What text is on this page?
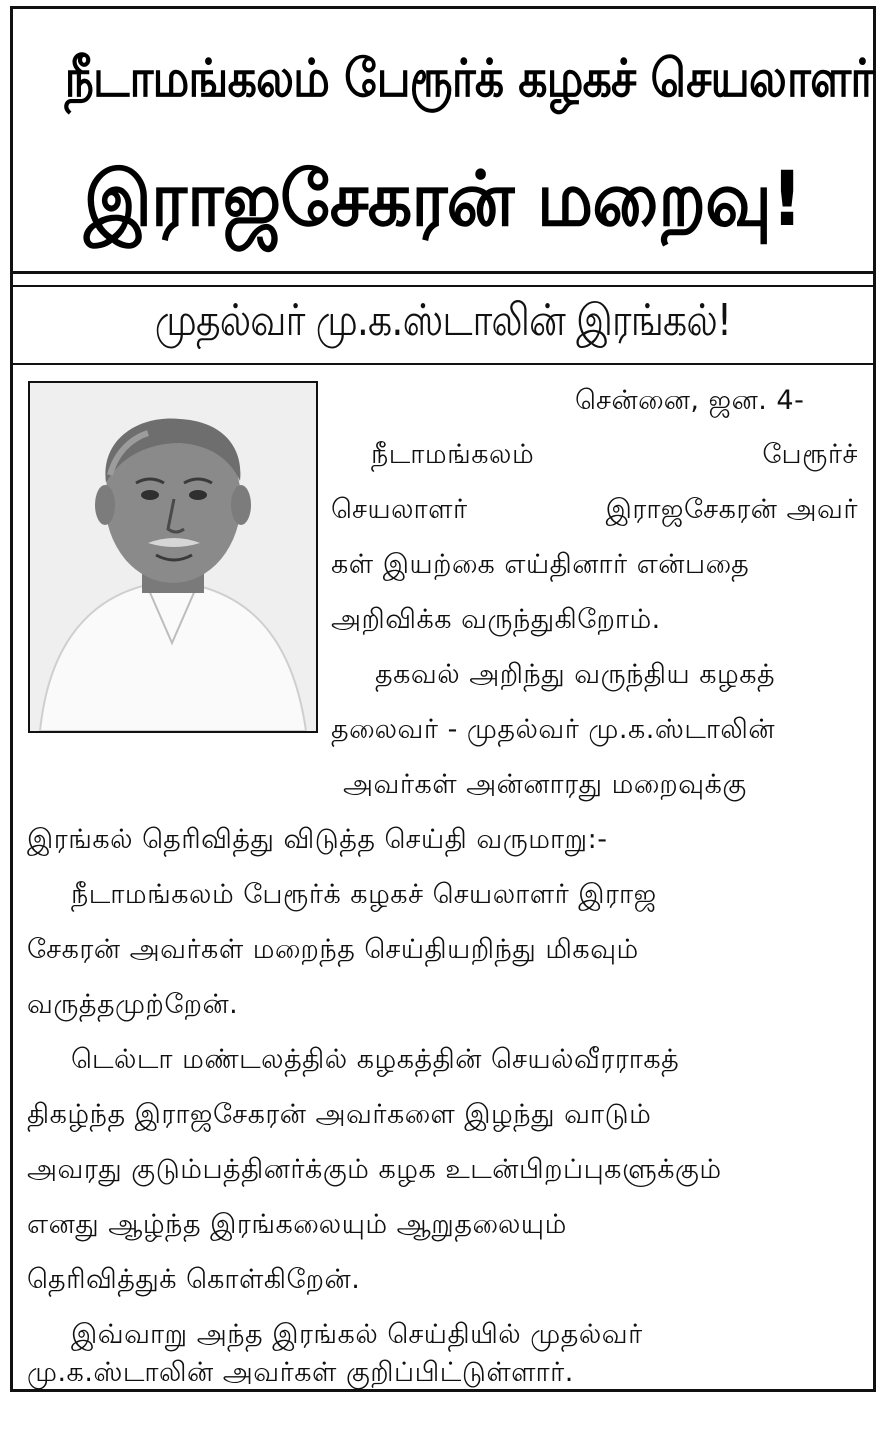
நீடாமங்கலம் பேரூர்க் கழகச் செயலாளர்
இராஜசேகரன் மறைவு!
முதல்வர் மு.க.ஸ்டாலின் இரங்கல்!
சென்னை, ஜன. 4-
நீடாமங்கலம்	பேரூர்ச்
செயலாளர்	இராஜசேகரன் அவர்
கள் இயற்கை எய்தினார் என்பதை
அறிவிக்க வருந்துகிறோம்.
தகவல் அறிந்து வருந்திய கழகத்
தலைவர் - முதல்வர் மு.க.ஸ்டாலின்
அவர்கள் அன்னாரது மறைவுக்கு
இரங்கல் தெரிவித்து விடுத்த செய்தி வருமாறு:-
நீடாமங்கலம் பேரூர்க் கழகச் செயலாளர் இராஜ
சேகரன் அவர்கள் மறைந்த செய்தியறிந்து மிகவும்
வருத்தமுற்றேன்.
டெல்டா மண்டலத்தில் கழகத்தின் செயல்வீரராகத்
திகழ்ந்த இராஜசேகரன் அவர்களை இழந்து வாடும்
அவரது குடும்பத்தினர்க்கும் கழக உடன்பிறப்புகளுக்கும்
எனது ஆழ்ந்த இரங்கலையும் ஆறுதலையும்
தெரிவித்துக் கொள்கிறேன்.
இவ்வாறு அந்த இரங்கல் செய்தியில் முதல்வர்
மு.க.ஸ்டாலின் அவர்கள் குறிப்பிட்டுள்ளார்.
